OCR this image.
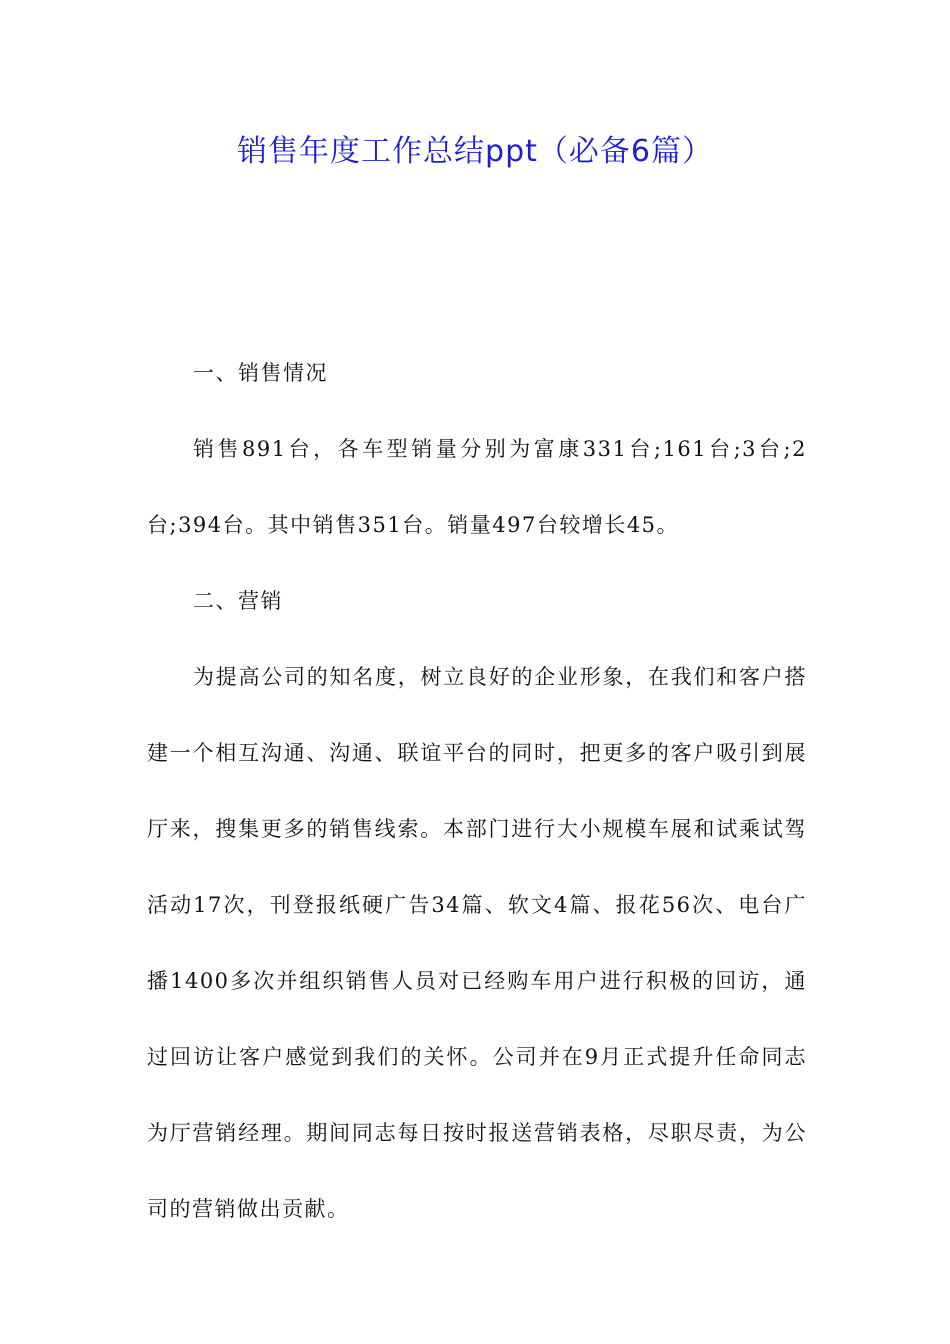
销售年度工作总结ppt（必备6篇）

一、销售情况

销售891台，各车型销量分别为富康331台;161台;3台;2台;394台。其中销售351台。销量497台较增长45。

二、营销

为提高公司的知名度，树立良好的企业形象，在我们和客户搭建一个相互沟通、沟通、联谊平台的同时，把更多的客户吸引到展厅来，搜集更多的销售线索。本部门进行大小规模车展和试乘试驾活动17次，刊登报纸硬广告34篇、软文4篇、报花56次、电台广播1400多次并组织销售人员对已经购车用户进行积极的回访，通过回访让客户感觉到我们的关怀。公司并在9月正式提升任命同志为厅营销经理。期间同志每日按时报送营销表格，尽职尽责，为公司的营销做出贡献。
